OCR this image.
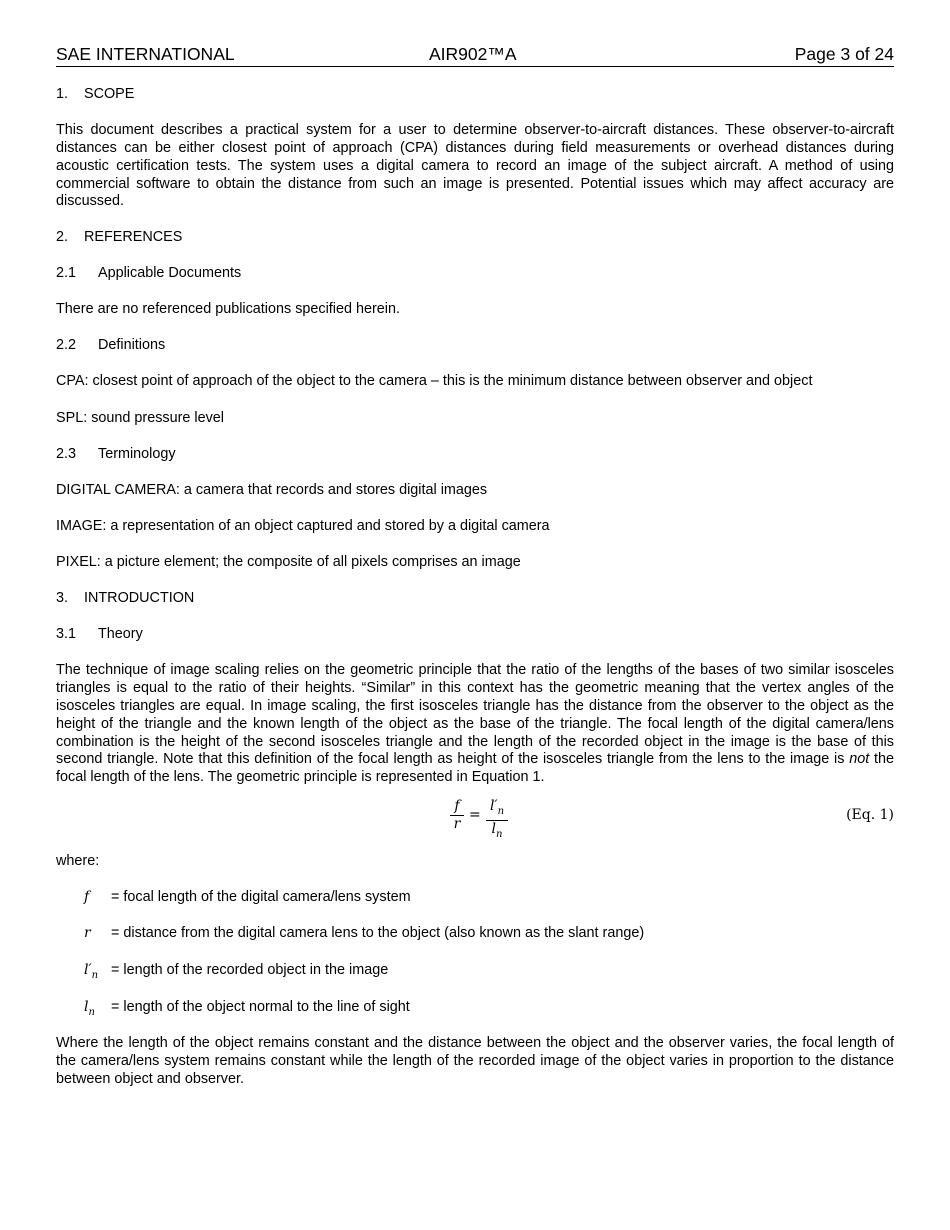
SAE INTERNATIONAL	AIR902™A	Page 3 of 24
1. SCOPE

This document describes a practical system for a user to determine observer-to-aircraft distances. These observer-to-aircraft distances can be either closest point of approach (CPA) distances during field measurements or overhead distances during acoustic certification tests. The system uses a digital camera to record an image of the subject aircraft. A method of using commercial software to obtain the distance from such an image is presented. Potential issues which may affect accuracy are discussed.

2. REFERENCES
2.1 Applicable Documents

There are no referenced publications specified herein.

2.2 Definitions

CPA: closest point of approach of the object to the camera – this is the minimum distance between observer and object

SPL: sound pressure level

2.3 Terminology

DIGITAL CAMERA: a camera that records and stores digital images

IMAGE: a representation of an object captured and stored by a digital camera

PIXEL: a picture element; the composite of all pixels comprises an image

3. INTRODUCTION
3.1 Theory

The technique of image scaling relies on the geometric principle that the ratio of the lengths of the bases of two similar isosceles triangles is equal to the ratio of their heights. “Similar” in this context has the geometric meaning that the vertex angles of the isosceles triangles are equal. In image scaling, the first isosceles triangle has the distance from the observer to the object as the height of the triangle and the known length of the object as the base of the triangle. The focal length of the digital camera/lens combination is the height of the second isosceles triangle and the length of the recorded object in the image is the base of this second triangle. Note that this definition of the focal length as height of the isosceles triangle from the lens to the image is not the focal length of the lens. The geometric principle is represented in Equation 1.

f
r
=
$l'_n$
$l_n$
(Eq. 1)

where:

f = focal length of the digital camera/lens system
r = distance from the digital camera lens to the object (also known as the slant range)
$l'_n$ = length of the recorded object in the image
$l_n$ = length of the object normal to the line of sight

Where the length of the object remains constant and the distance between the object and the observer varies, the focal length of the camera/lens system remains constant while the length of the recorded image of the object varies in proportion to the distance between object and observer.
